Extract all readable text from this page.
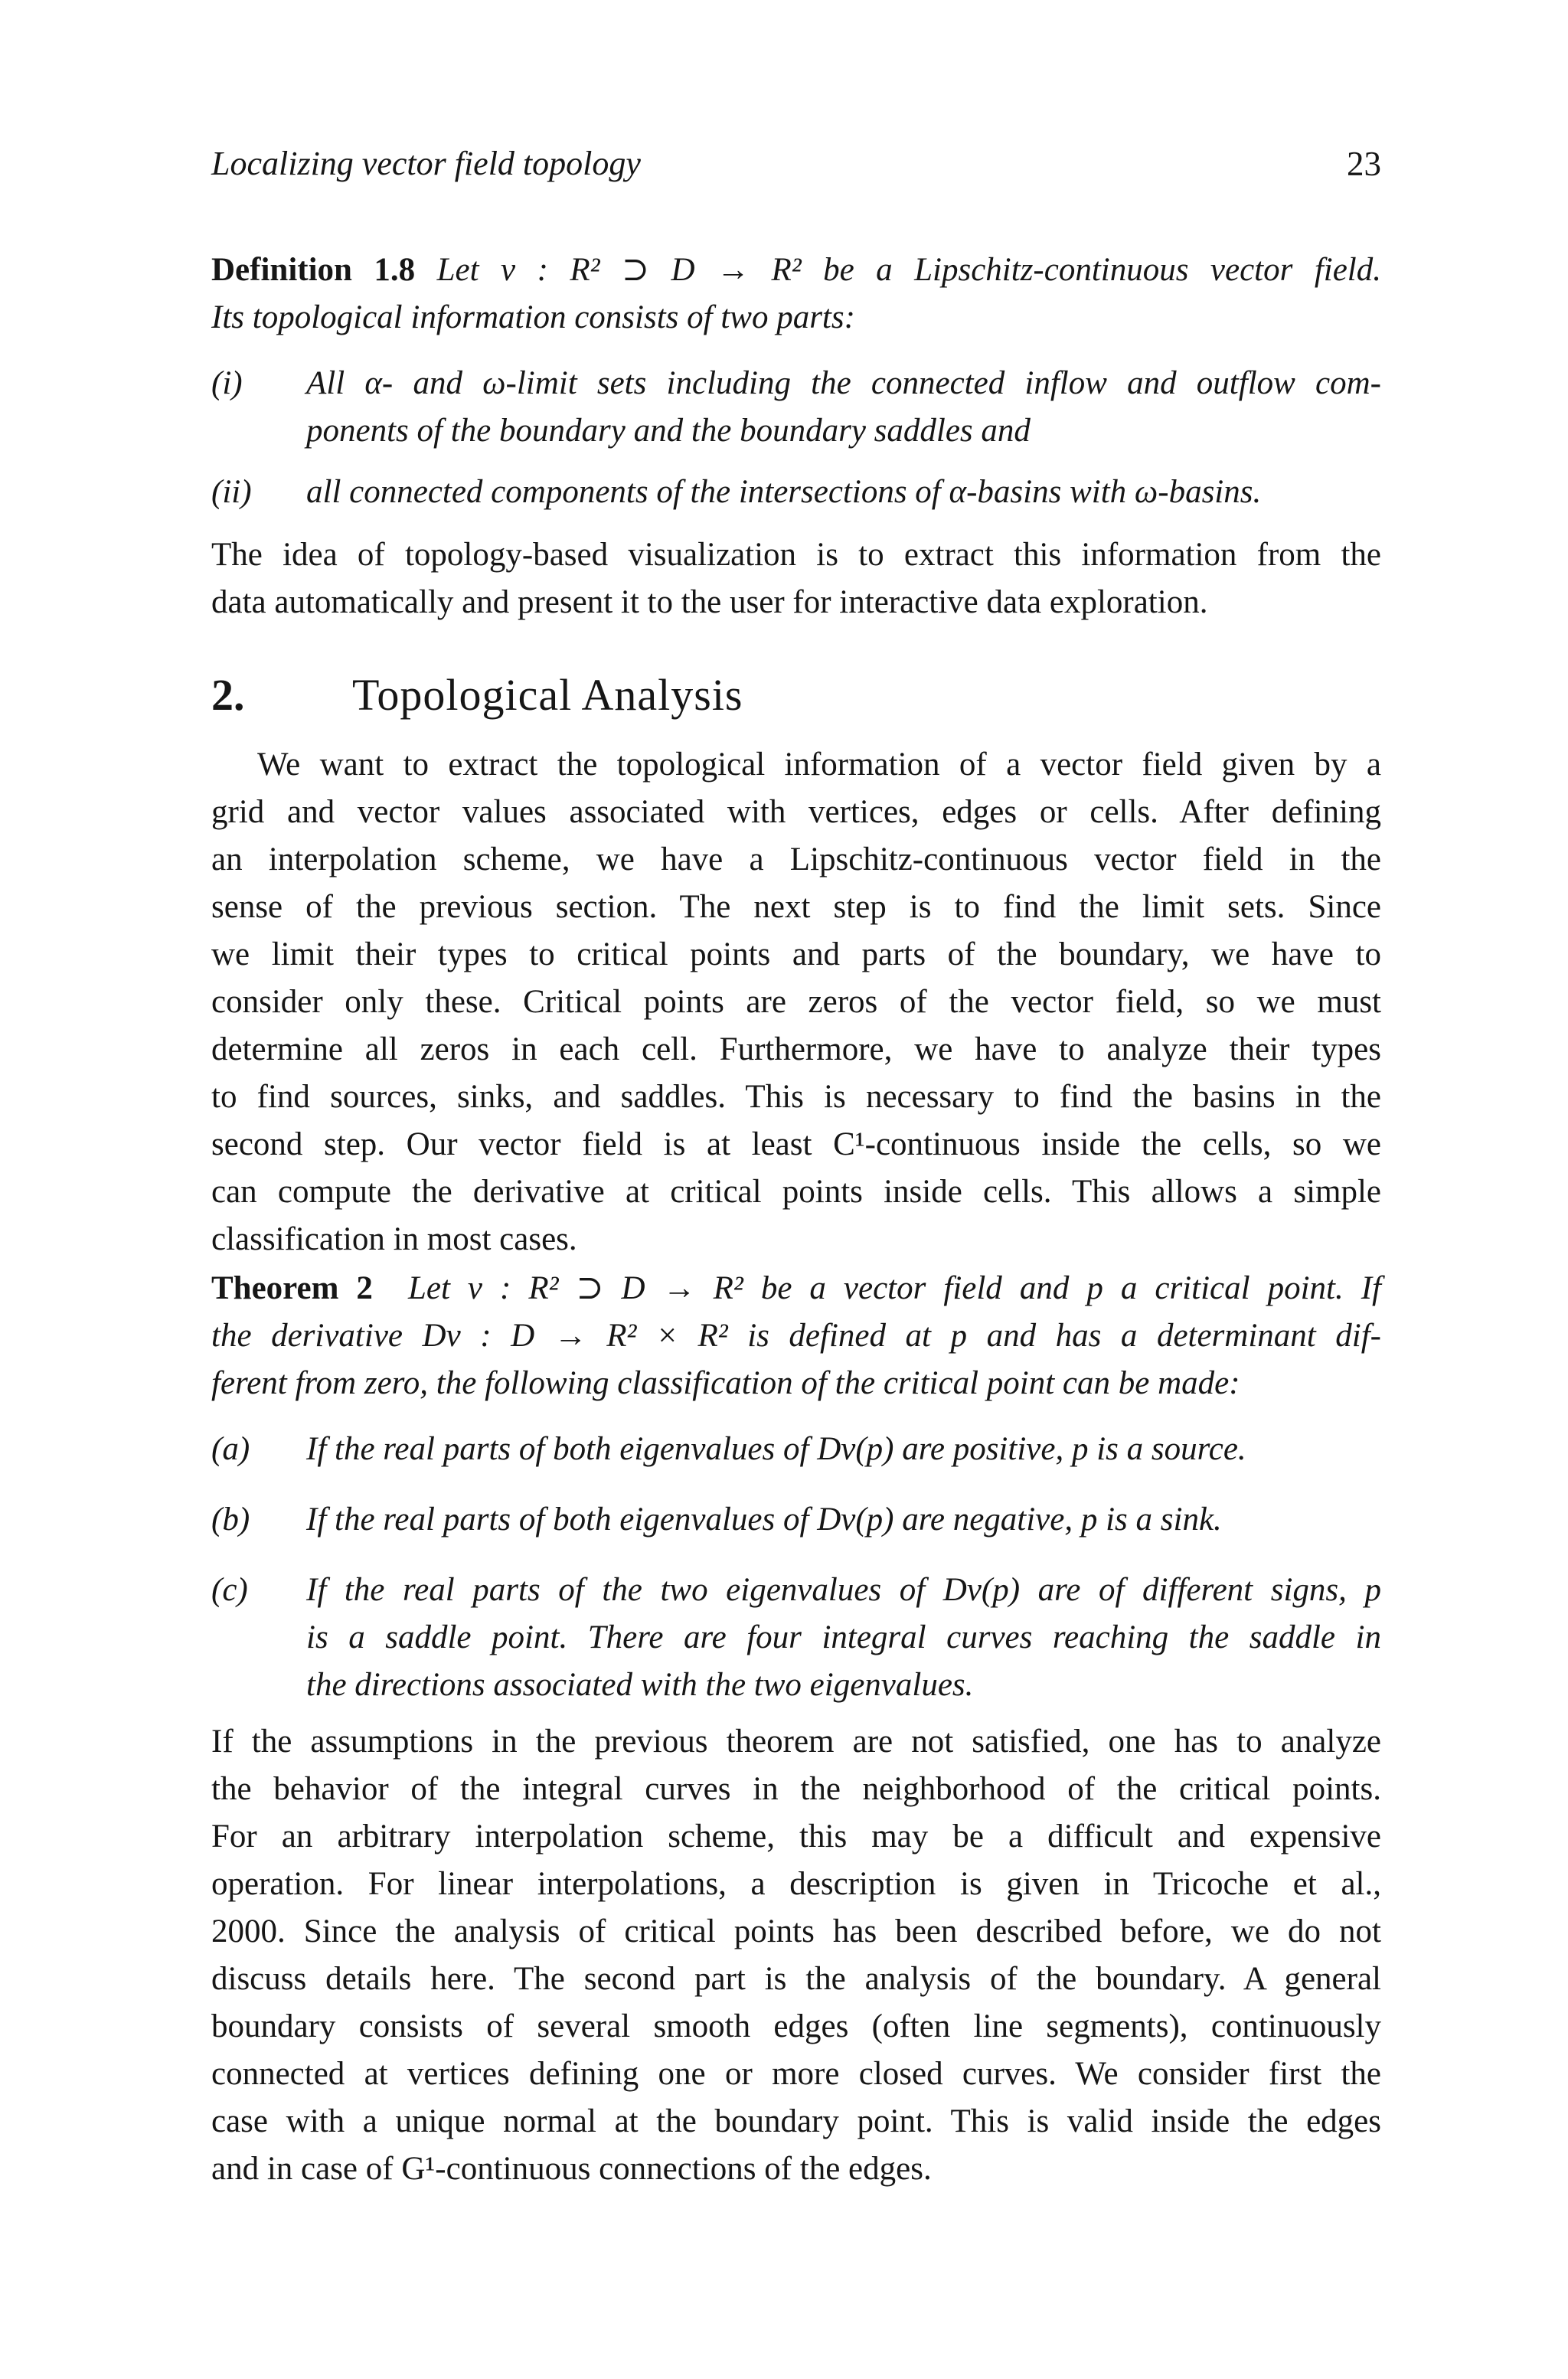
Localizing vector field topology	23
Definition 1.8 Let v : R² ⊃ D → R² be a Lipschitz-continuous vector field.
Its topological information consists of two parts:
(i) All α- and ω-limit sets including the connected inflow and outflow com-
ponents of the boundary and the boundary saddles and
(ii) all connected components of the intersections of α-basins with ω-basins.
The idea of topology-based visualization is to extract this information from the
data automatically and present it to the user for interactive data exploration.
2. Topological Analysis
We want to extract the topological information of a vector field given by a
grid and vector values associated with vertices, edges or cells. After defining
an interpolation scheme, we have a Lipschitz-continuous vector field in the
sense of the previous section. The next step is to find the limit sets. Since
we limit their types to critical points and parts of the boundary, we have to
consider only these. Critical points are zeros of the vector field, so we must
determine all zeros in each cell. Furthermore, we have to analyze their types
to find sources, sinks, and saddles. This is necessary to find the basins in the
second step. Our vector field is at least C¹-continuous inside the cells, so we
can compute the derivative at critical points inside cells. This allows a simple
classification in most cases.
Theorem 2 Let v : R² ⊃ D → R² be a vector field and p a critical point. If
the derivative Dv : D → R² × R² is defined at p and has a determinant dif-
ferent from zero, the following classification of the critical point can be made:
(a) If the real parts of both eigenvalues of Dv(p) are positive, p is a source.
(b) If the real parts of both eigenvalues of Dv(p) are negative, p is a sink.
(c) If the real parts of the two eigenvalues of Dv(p) are of different signs, p
is a saddle point. There are four integral curves reaching the saddle in
the directions associated with the two eigenvalues.
If the assumptions in the previous theorem are not satisfied, one has to analyze
the behavior of the integral curves in the neighborhood of the critical points.
For an arbitrary interpolation scheme, this may be a difficult and expensive
operation. For linear interpolations, a description is given in Tricoche et al.,
2000. Since the analysis of critical points has been described before, we do not
discuss details here. The second part is the analysis of the boundary. A general
boundary consists of several smooth edges (often line segments), continuously
connected at vertices defining one or more closed curves. We consider first the
case with a unique normal at the boundary point. This is valid inside the edges
and in case of G¹-continuous connections of the edges.
